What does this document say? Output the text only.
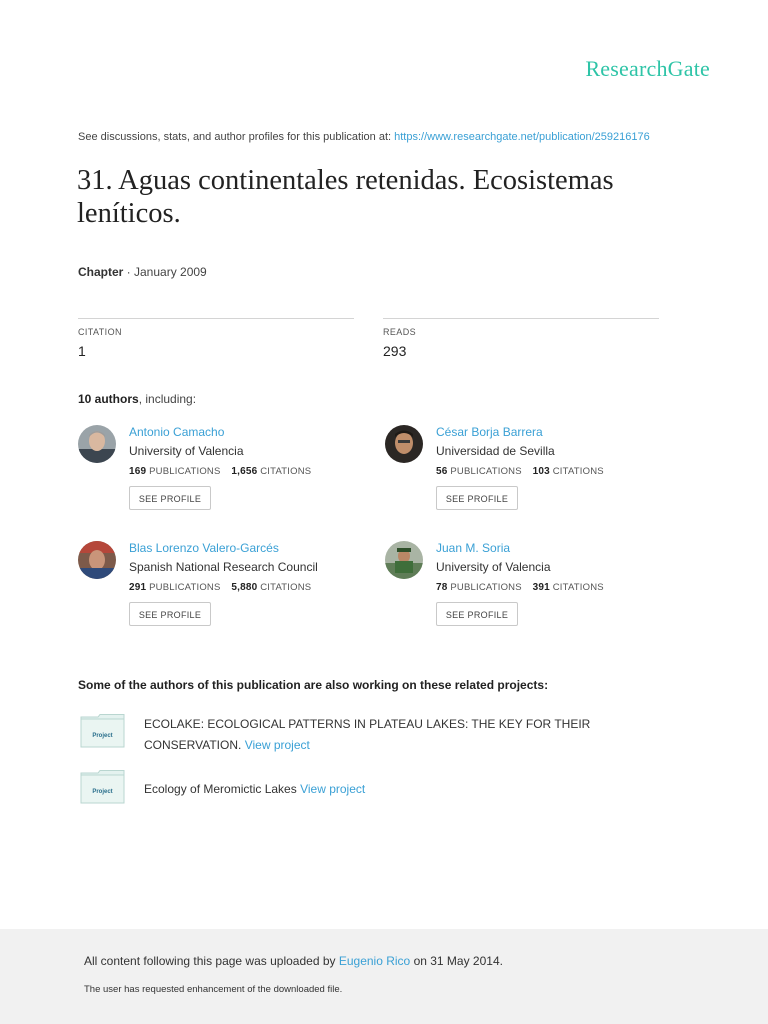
ResearchGate
See discussions, stats, and author profiles for this publication at: https://www.researchgate.net/publication/259216176
31. Aguas continentales retenidas. Ecosistemas leníticos.
Chapter · January 2009
CITATION
1
READS
293
10 authors, including:
Antonio Camacho
University of Valencia
169 PUBLICATIONS 1,656 CITATIONS
SEE PROFILE
César Borja Barrera
Universidad de Sevilla
56 PUBLICATIONS 103 CITATIONS
SEE PROFILE
Blas Lorenzo Valero-Garcés
Spanish National Research Council
291 PUBLICATIONS 5,880 CITATIONS
SEE PROFILE
Juan M. Soria
University of Valencia
78 PUBLICATIONS 391 CITATIONS
SEE PROFILE
Some of the authors of this publication are also working on these related projects:
Project
ECOLAKE: ECOLOGICAL PATTERNS IN PLATEAU LAKES: THE KEY FOR THEIR CONSERVATION. View project
Project	Ecology of Meromictic Lakes View project
All content following this page was uploaded by Eugenio Rico on 31 May 2014.
The user has requested enhancement of the downloaded file.
